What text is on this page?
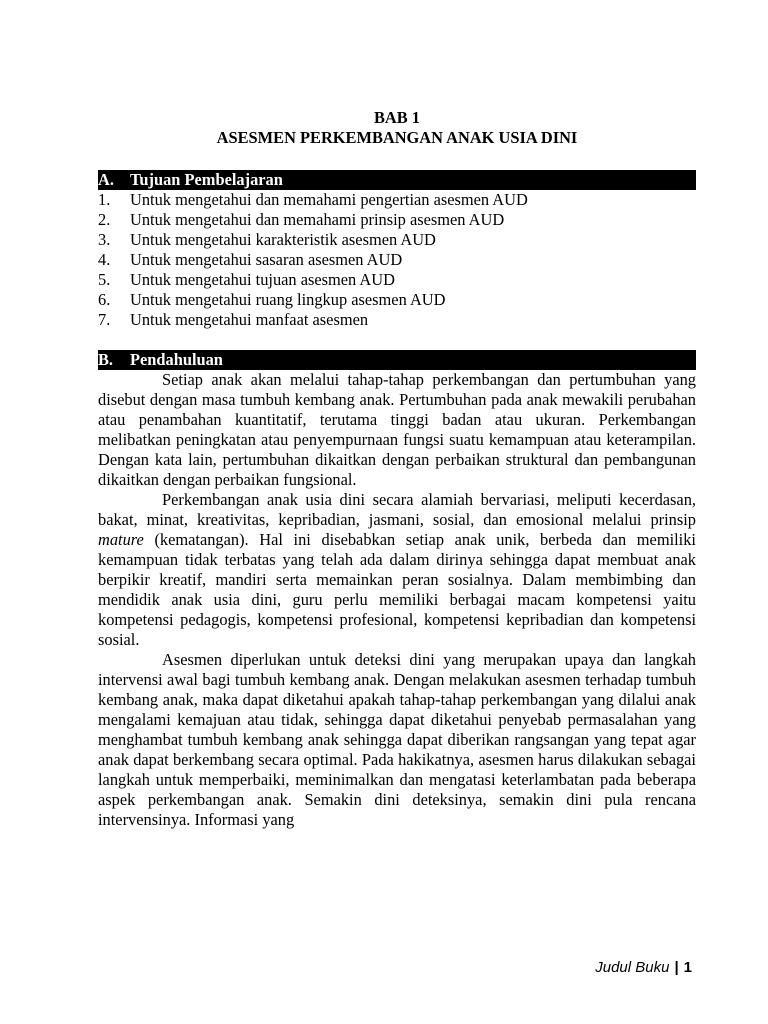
BAB 1
ASESMEN PERKEMBANGAN ANAK USIA DINI
A. Tujuan Pembelajaran
1.	Untuk mengetahui dan memahami pengertian asesmen AUD
2.	Untuk mengetahui dan memahami prinsip asesmen AUD
3.	Untuk mengetahui karakteristik asesmen AUD
4.	Untuk mengetahui sasaran asesmen AUD
5.	Untuk mengetahui tujuan asesmen AUD
6.	Untuk mengetahui ruang lingkup asesmen AUD
7.	Untuk mengetahui manfaat asesmen
B.	Pendahuluan

Setiap anak akan melalui tahap-tahap perkembangan dan pertumbuhan yang disebut dengan masa tumbuh kembang anak. Pertumbuhan pada anak mewakili perubahan atau penambahan kuantitatif, terutama tinggi badan atau ukuran. Perkembangan melibatkan peningkatan atau penyempurnaan fungsi suatu kemampuan atau keterampilan. Dengan kata lain, pertumbuhan dikaitkan dengan perbaikan struktural dan pembangunan dikaitkan dengan perbaikan fungsional.

Perkembangan anak usia dini secara alamiah bervariasi, meliputi kecerdasan, bakat, minat, kreativitas, kepribadian, jasmani, sosial, dan emosional melalui prinsip mature (kematangan). Hal ini disebabkan setiap anak unik, berbeda dan memiliki kemampuan tidak terbatas yang telah ada dalam dirinya sehingga dapat membuat anak berpikir kreatif, mandiri serta memainkan peran sosialnya. Dalam membimbing dan mendidik anak usia dini, guru perlu memiliki berbagai macam kompetensi yaitu kompetensi pedagogis, kompetensi profesional, kompetensi kepribadian dan kompetensi sosial.

Asesmen diperlukan untuk deteksi dini yang merupakan upaya dan langkah intervensi awal bagi tumbuh kembang anak. Dengan melakukan asesmen terhadap tumbuh kembang anak, maka dapat diketahui apakah tahap-tahap perkembangan yang dilalui anak mengalami kemajuan atau tidak, sehingga dapat diketahui penyebab permasalahan yang menghambat tumbuh kembang anak sehingga dapat diberikan rangsangan yang tepat agar anak dapat berkembang secara optimal. Pada hakikatnya, asesmen harus dilakukan sebagai langkah untuk memperbaiki, meminimalkan dan mengatasi keterlambatan pada beberapa aspek perkembangan anak. Semakin dini deteksinya, semakin dini pula rencana intervensinya. Informasi yang

Judul Buku | 1
